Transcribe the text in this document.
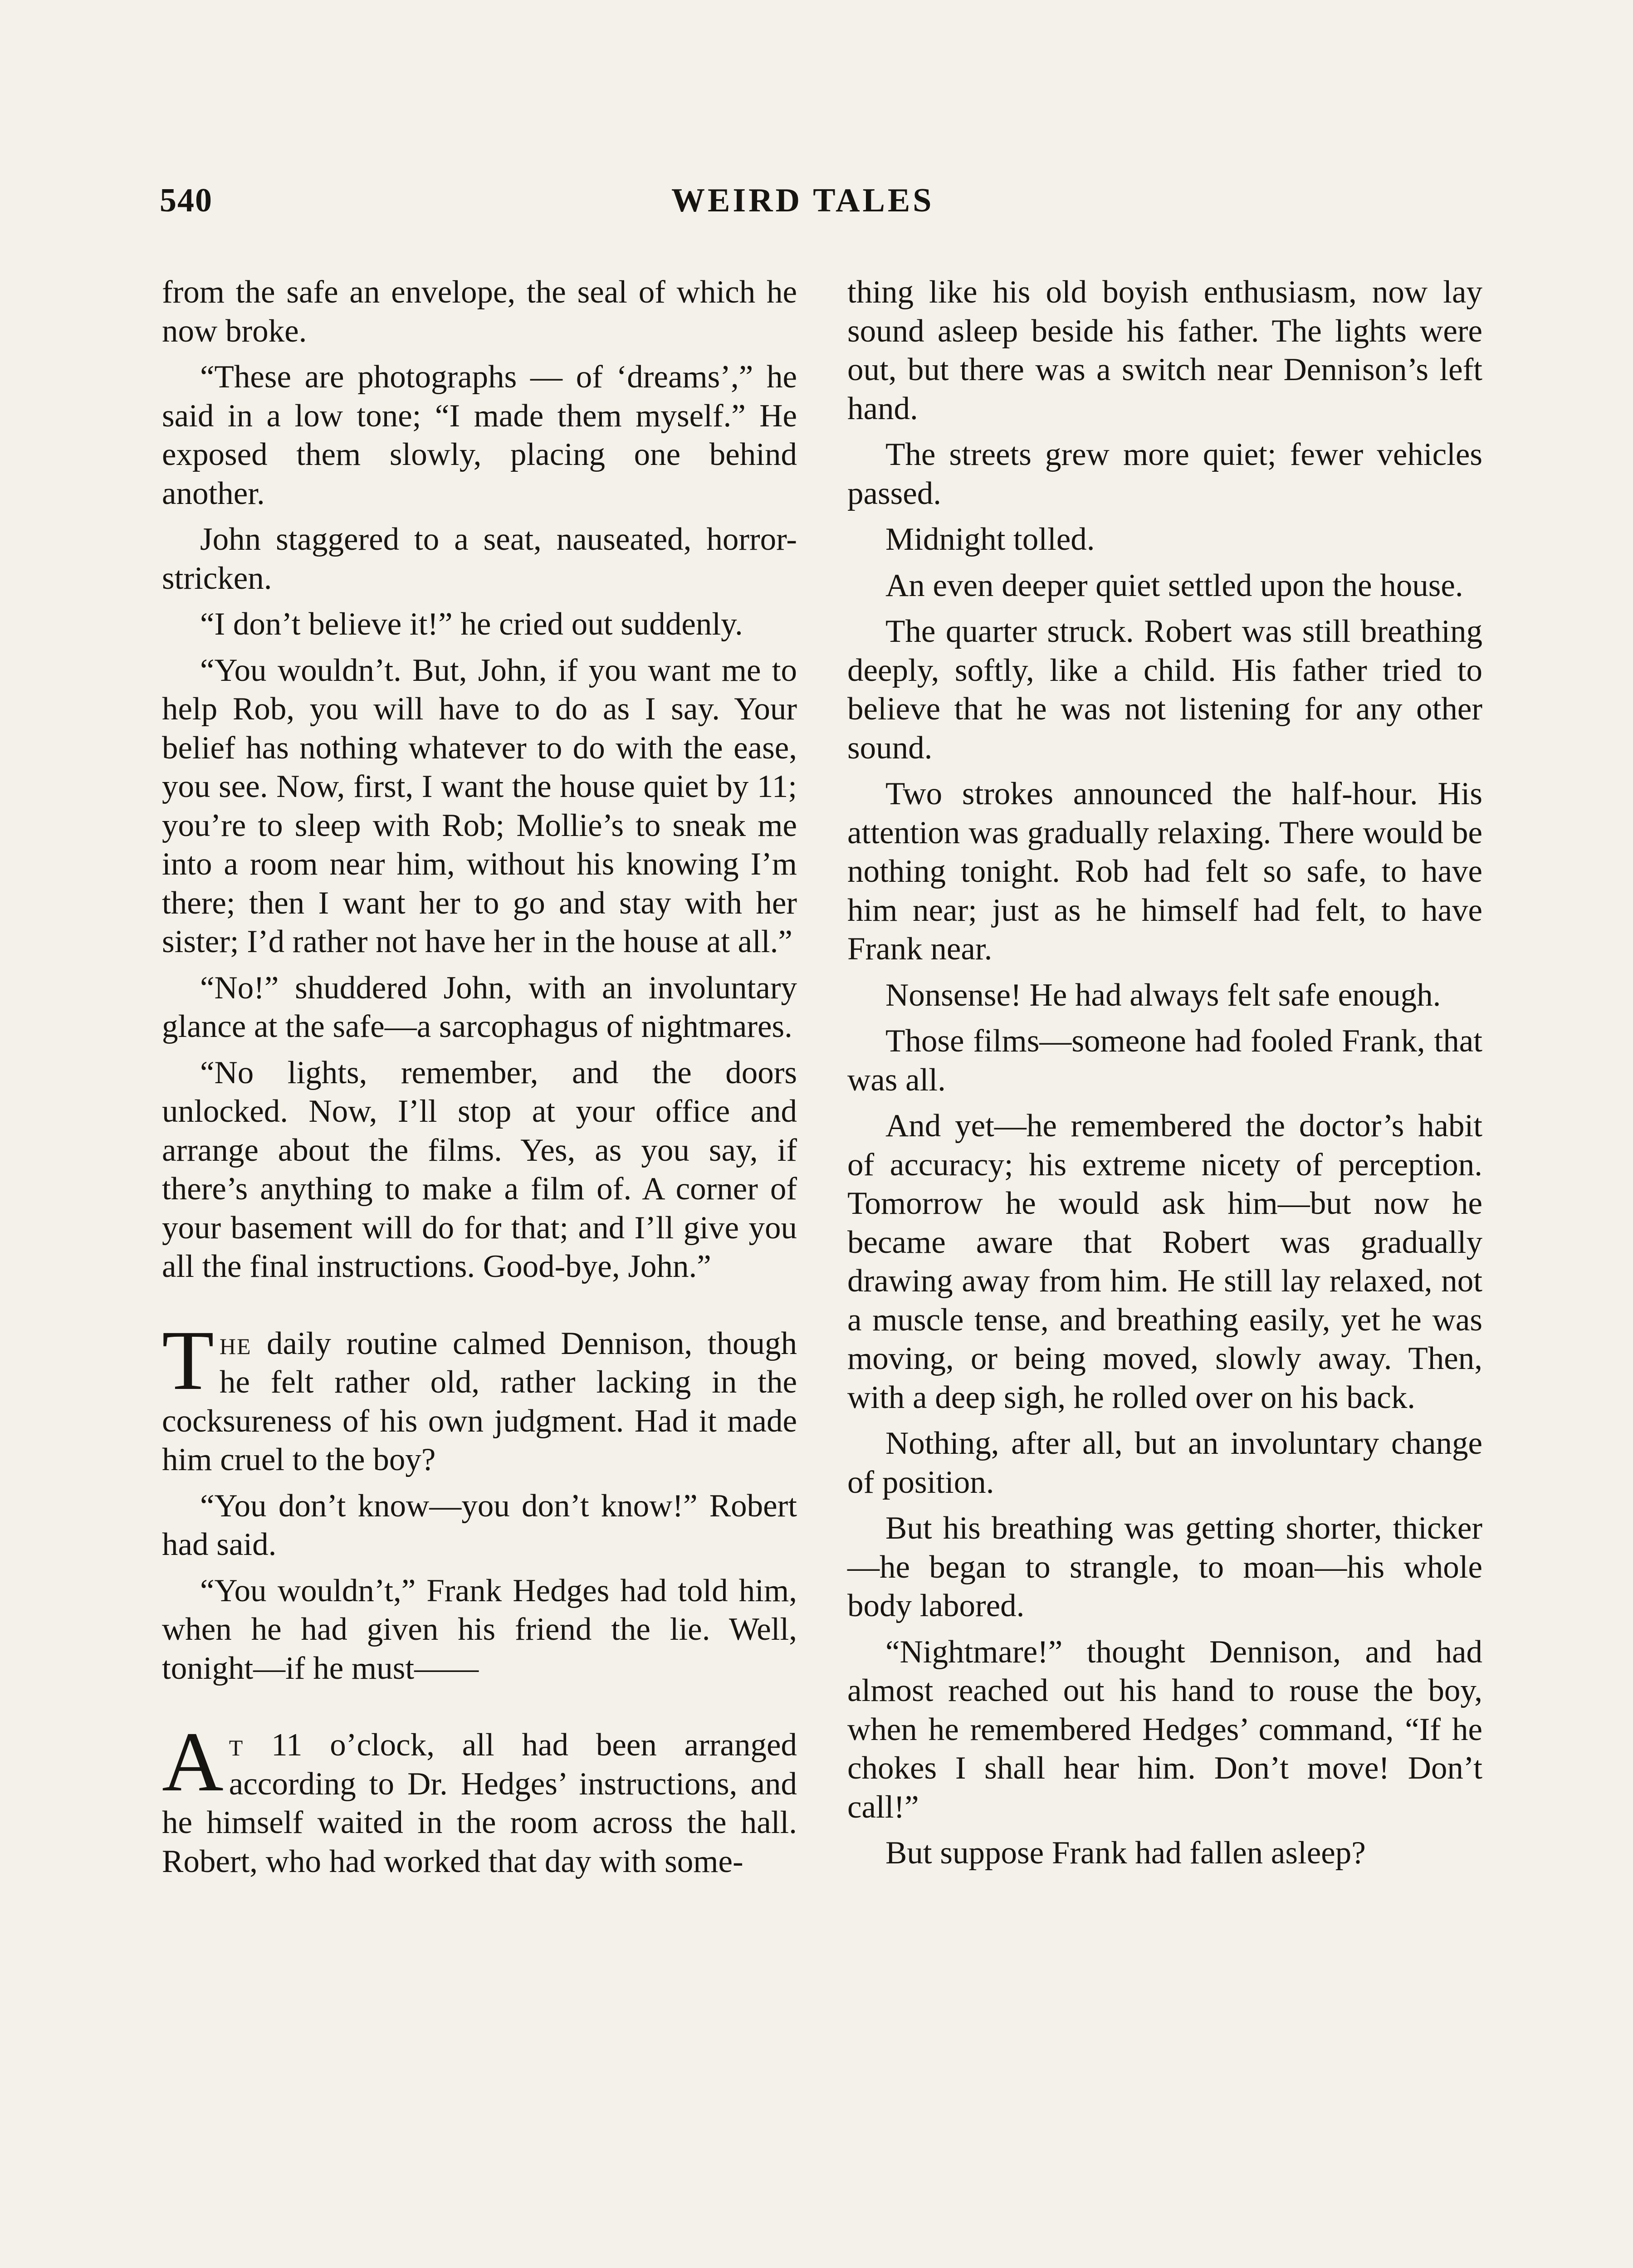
540	WEIRD TALES

from the safe an envelope, the seal of which he now broke.

“These are photographs — of ‘dreams’,” he said in a low tone; “I made them myself.” He exposed them slowly, placing one behind another.

John staggered to a seat, nauseated, horror-stricken.

“I don’t believe it!” he cried out suddenly.

“You wouldn’t. But, John, if you want me to help Rob, you will have to do as I say. Your belief has nothing whatever to do with the ease, you see. Now, first, I want the house quiet by 11; you’re to sleep with Rob; Mollie’s to sneak me into a room near him, without his knowing I’m there; then I want her to go and stay with her sister; I’d rather not have her in the house at all.”

“No!” shuddered John, with an involuntary glance at the safe—a sarcophagus of nightmares.

“No lights, remember, and the doors unlocked. Now, I’ll stop at your office and arrange about the films. Yes, as you say, if there’s anything to make a film of. A corner of your basement will do for that; and I’ll give you all the final instructions. Good-bye, John.”

The daily routine calmed Dennison, though he felt rather old, rather lacking in the cocksureness of his own judgment. Had it made him cruel to the boy?

“You don’t know—you don’t know!” Robert had said.

“You wouldn’t,” Frank Hedges had told him, when he had given his friend the lie. Well, tonight—if he must——

At 11 o’clock, all had been arranged according to Dr. Hedges’ instructions, and he himself waited in the room across the hall. Robert, who had worked that day with some-

thing like his old boyish enthusiasm, now lay sound asleep beside his father. The lights were out, but there was a switch near Dennison’s left hand.

The streets grew more quiet; fewer vehicles passed.

Midnight tolled.

An even deeper quiet settled upon the house.

The quarter struck. Robert was still breathing deeply, softly, like a child. His father tried to believe that he was not listening for any other sound.

Two strokes announced the half-hour. His attention was gradually relaxing. There would be nothing tonight. Rob had felt so safe, to have him near; just as he himself had felt, to have Frank near.

Nonsense! He had always felt safe enough.

Those films—someone had fooled Frank, that was all.

And yet—he remembered the doctor’s habit of accuracy; his extreme nicety of perception. Tomorrow he would ask him—but now he became aware that Robert was gradually drawing away from him. He still lay relaxed, not a muscle tense, and breathing easily, yet he was moving, or being moved, slowly away. Then, with a deep sigh, he rolled over on his back.

Nothing, after all, but an involuntary change of position.

But his breathing was getting shorter, thicker—he began to strangle, to moan—his whole body labored.

“Nightmare!” thought Dennison, and had almost reached out his hand to rouse the boy, when he remembered Hedges’ command, “If he chokes I shall hear him. Don’t move! Don’t call!”

But suppose Frank had fallen asleep?
